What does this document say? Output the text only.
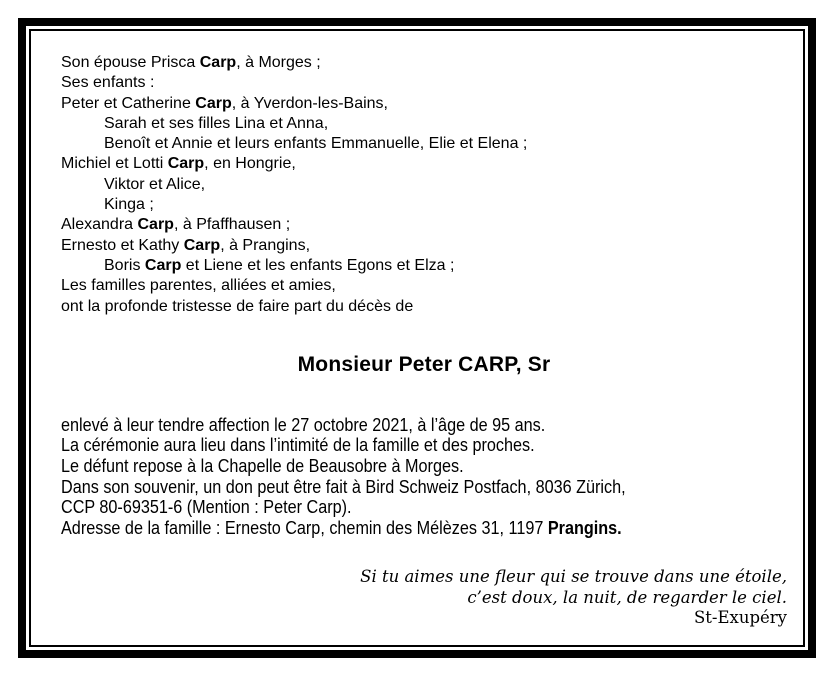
Son épouse Prisca Carp, à Morges ;
Ses enfants :
Peter et Catherine Carp, à Yverdon-les-Bains,
Sarah et ses filles Lina et Anna,
Benoît et Annie et leurs enfants Emmanuelle, Elie et Elena ;
Michiel et Lotti Carp, en Hongrie,
Viktor et Alice,
Kinga ;
Alexandra Carp, à Pfaffhausen ;
Ernesto et Kathy Carp, à Prangins,
Boris Carp et Liene et les enfants Egons et Elza ;
Les familles parentes, alliées et amies,
ont la profonde tristesse de faire part du décès de
Monsieur Peter CARP, Sr
enlevé à leur tendre affection le 27 octobre 2021, à l’âge de 95 ans.
La cérémonie aura lieu dans l’intimité de la famille et des proches.
Le défunt repose à la Chapelle de Beausobre à Morges.
Dans son souvenir, un don peut être fait à Bird Schweiz Postfach, 8036 Zürich,
CCP 80-69351-6 (Mention : Peter Carp).
Adresse de la famille : Ernesto Carp, chemin des Mélèzes 31, 1197 Prangins.
Si tu aimes une fleur qui se trouve dans une étoile,
c’est doux, la nuit, de regarder le ciel.
St-Exupéry
